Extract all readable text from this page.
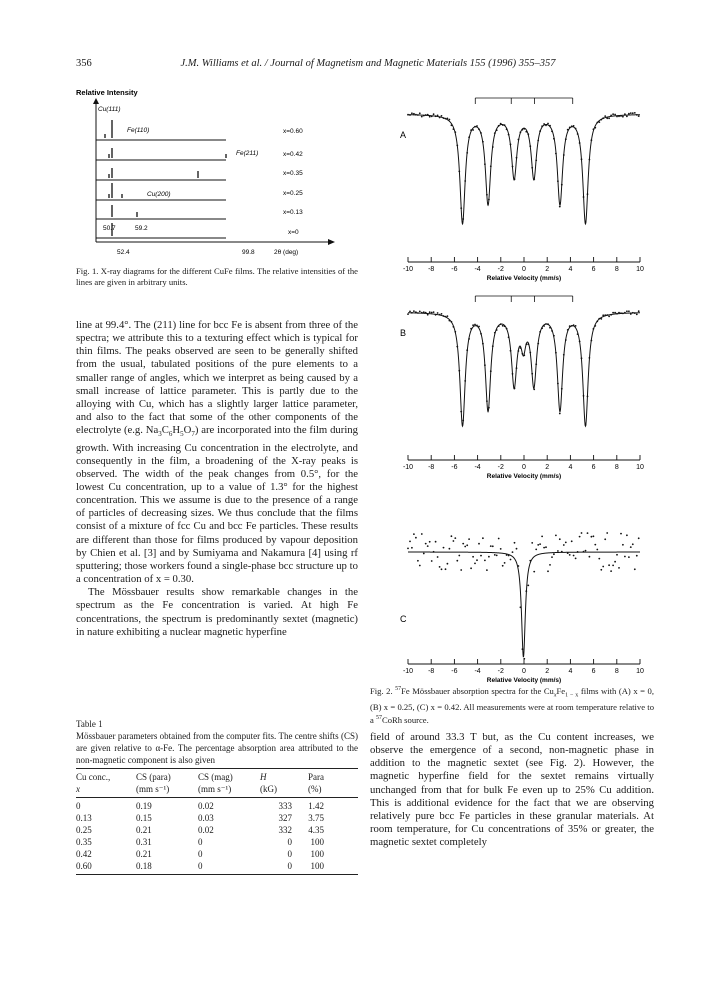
356	J.M. Williams et al. / Journal of Magnetism and Magnetic Materials 155 (1996) 355–357
Relative Intensity
Cu(111)
Fe(110)
Fe(211)
Cu(200)
x=0.60
x=0.42
x=0.35
x=0.25
x=0.13
x=0
50.7	59.2
52.4	99.8	2θ (deg)
Fig. 1. X-ray diagrams for the different CuFe films. The relative intensities of the lines are given in arbitrary units.

line at 99.4°. The (211) line for bcc Fe is absent from three of the spectra; we attribute this to a texturing effect which is typical for thin films. The peaks observed are seen to be generally shifted from the usual, tabulated positions of the pure elements to a smaller range of angles, which we interpret as being caused by a small increase of lattice parameter. This is partly due to the alloying with Cu, which has a slightly larger lattice parameter, and also to the fact that some of the other components of the electrolyte (e.g. $Na_3C_6H_5O_7$) are incorporated into the film during growth. With increasing Cu concentration in the electrolyte, and consequently in the film, a broadening of the X-ray peaks is observed. The width of the peak changes from 0.5°, for the lowest Cu concentration, up to a value of 1.3° for the highest concentration. This we assume is due to the presence of a range of particles of decreasing sizes. We thus conclude that the films consist of a mixture of fcc Cu and bcc Fe particles. These results are different than those for films produced by vapour deposition by Chien et al. [3] and by Sumiyama and Nakamura [4] using rf sputtering; those workers found a single-phase bcc structure up to a concentration of x = 0.30.

The Mössbauer results show remarkable changes in the spectrum as the Fe concentration is varied. At high Fe concentrations, the spectrum is predominantly sextet (magnetic) in nature exhibiting a nuclear magnetic hyperfine

Table 1
Mössbauer parameters obtained from the computer fits. The centre shifts (CS) are given relative to α-Fe. The percentage absorption area attributed to the non-magnetic component is also given
Cu conc.,	CS (para)	CS (mag)	H	Para
x	(mm s⁻¹)	(mm s⁻¹)	(kG)	(%)
0	0.19	0.02	333	1.42
0.13	0.15	0.03	327	3.75
0.25	0.21	0.02	332	4.35
0.35	0.31	0	0	100
0.42	0.21	0	0	100
0.60	0.18	0	0	100
-10 -8 -6 -4 -2	0	2	4	6	8 10
Relative Velocity (mm/s)
A
-10 -8 -6 -4 -2	0	2	4	6	8 10
Relative Velocity (mm/s)
B
-10 -8 -6 -4 -2	0	2	4	6	8 10
Relative Velocity (mm/s)
C
Fig. 2. $^{57}$Fe Mössbauer absorption spectra for the $Cu_xFe_{1 - x}$ films with (A) x = 0, (B) x = 0.25, (C) x = 0.42. All measurements were at room temperature relative to a $^{57}$CoRh source.

field of around 33.3 T but, as the Cu content increases, we observe the emergence of a second, non-magnetic phase in addition to the magnetic sextet (see Fig. 2). However, the magnetic hyperfine field for the sextet remains virtually unchanged from that for bulk Fe even up to 25% Cu addition. This is additional evidence for the fact that we are observing relatively pure bcc Fe particles in these granular materials. At room temperature, for Cu concentrations of 35% or greater, the magnetic sextet completely
